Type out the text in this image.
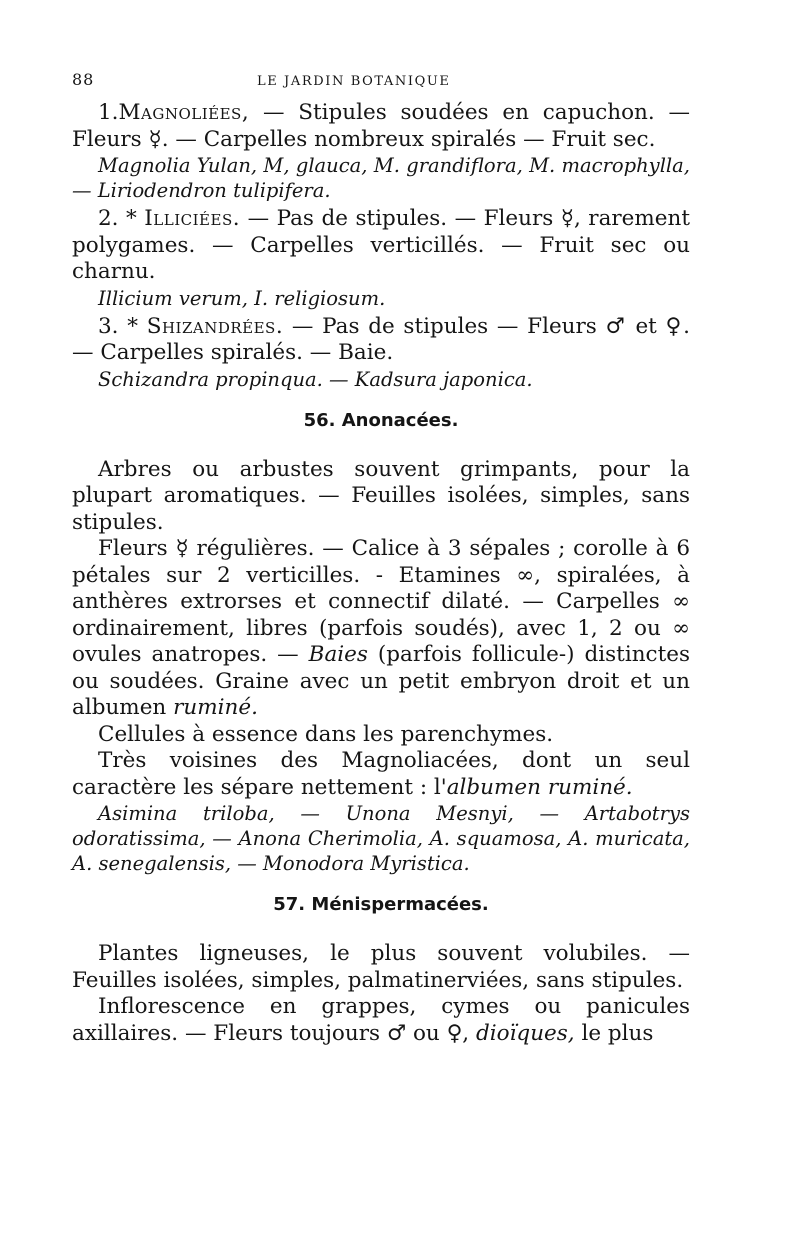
88	LE JARDIN BOTANIQUE

1.Magnoliées, — Stipules soudées en capuchon. — Fleurs ☿. — Carpelles nombreux spiralés — Fruit sec.

Magnolia Yulan, M, glauca, M. grandiflora, M. macrophylla, — Liriodendron tulipifera.

2. * Illiciées. — Pas de stipules. — Fleurs ☿, rarement polygames. — Carpelles verticillés. — Fruit sec ou charnu.

Illicium verum, I. religiosum.

3. * Shizandrées. — Pas de stipules — Fleurs ♂ et ♀. — Carpelles spiralés. — Baie.

Schizandra propinqua. — Kadsura japonica.

56. Anonacées.

Arbres ou arbustes souvent grimpants, pour la plupart aromatiques. — Feuilles isolées, simples, sans stipules.

Fleurs ☿ régulières. — Calice à 3 sépales ; corolle à 6 pétales sur 2 verticilles. - Etamines ∞, spiralées, à anthères extrorses et connectif dilaté. — Carpelles ∞ ordinairement, libres (parfois soudés), avec 1, 2 ou ∞ ovules anatropes. — Baies (parfois follicule-) distinctes ou soudées. Graine avec un petit embryon droit et un albumen ruminé.

Cellules à essence dans les parenchymes.

Très voisines des Magnoliacées, dont un seul caractère les sépare nettement : l'albumen ruminé.

Asimina triloba, — Unona Mesnyi, — Artabotrys odoratissima, — Anona Cherimolia, A. squamosa, A. muricata, A. senegalensis, — Monodora Myristica.

57. Ménispermacées.

Plantes ligneuses, le plus souvent volubiles. — Feuilles isolées, simples, palmatinerviées, sans stipules.

Inflorescence en grappes, cymes ou panicules axillaires. — Fleurs toujours ♂ ou ♀, dioïques, le plus
